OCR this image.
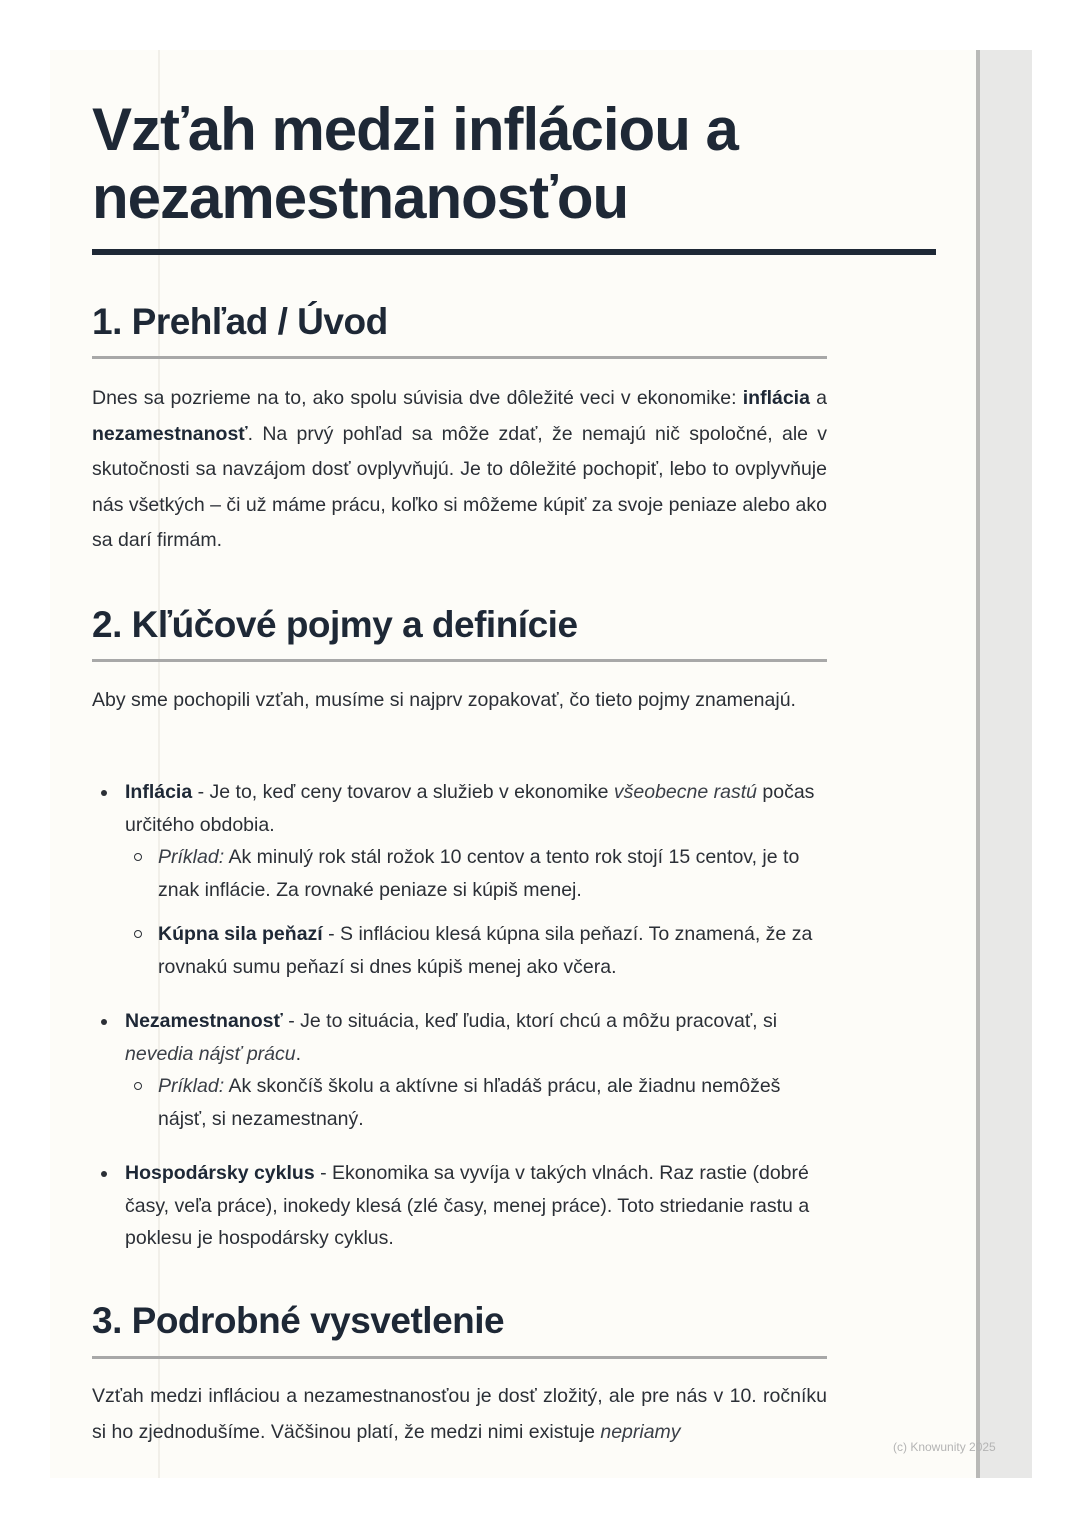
Vzťah medzi infláciou a
nezamestnanosťou
1. Prehľad / Úvod

Dnes sa pozrieme na to, ako spolu súvisia dve dôležité veci v ekonomike: inflácia a nezamestnanosť. Na prvý pohľad sa môže zdať, že nemajú nič spoločné, ale v skutočnosti sa navzájom dosť ovplyvňujú. Je to dôležité pochopiť, lebo to ovplyvňuje nás všetkých – či už máme prácu, koľko si môžeme kúpiť za svoje peniaze alebo ako sa darí firmám.

2. Kľúčové pojmy a definície

Aby sme pochopili vzťah, musíme si najprv zopakovať, čo tieto pojmy znamenajú.

Inflácia - Je to, keď ceny tovarov a služieb v ekonomike všeobecne rastú počas určitého obdobia.
Príklad: Ak minulý rok stál rožok 10 centov a tento rok stojí 15 centov, je to znak inflácie. Za rovnaké peniaze si kúpiš menej.
Kúpna sila peňazí - S infláciou klesá kúpna sila peňazí. To znamená, že za rovnakú sumu peňazí si dnes kúpiš menej ako včera.
Nezamestnanosť - Je to situácia, keď ľudia, ktorí chcú a môžu pracovať, si nevedia nájsť prácu.
Príklad: Ak skončíš školu a aktívne si hľadáš prácu, ale žiadnu nemôžeš nájsť, si nezamestnaný.
Hospodársky cyklus - Ekonomika sa vyvíja v takých vlnách. Raz rastie (dobré časy, veľa práce), inokedy klesá (zlé časy, menej práce). Toto striedanie rastu a poklesu je hospodársky cyklus.
3. Podrobné vysvetlenie

Vzťah medzi infláciou a nezamestnanosťou je dosť zložitý, ale pre nás v 10. ročníku si ho zjednodušíme. Väčšinou platí, že medzi nimi existuje nepriamy

(c) Knowunity 2025
